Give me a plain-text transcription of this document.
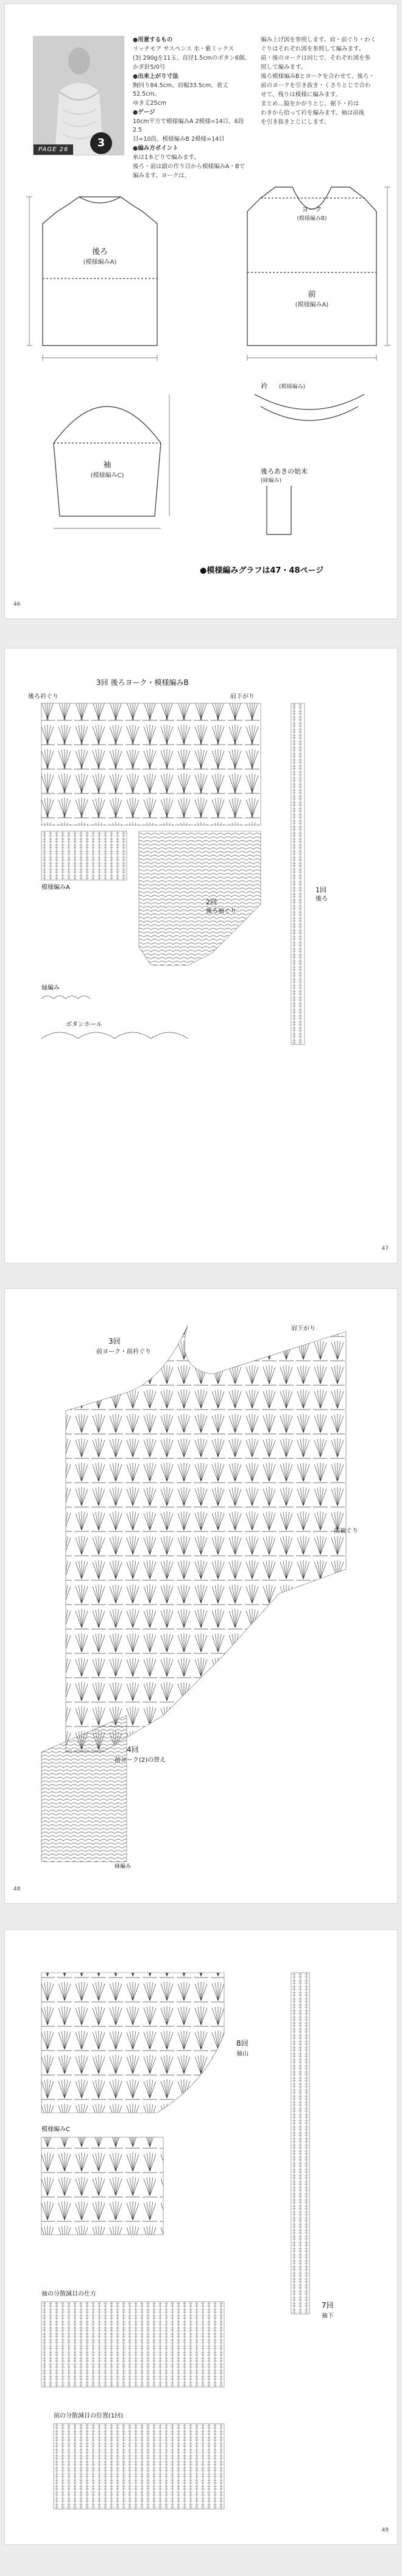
PAGE 26
3

●用意するもの

リッチモア サスペンス 水・紫ミックス

(3) 290gを11玉、直径1.5cmのボタン6個、

かぎ針5/0号

●出来上がり寸法

胸回り84.5cm、肩幅33.5cm、着丈52.5cm、

ゆき丈25cm

●ゲージ

10cm平方で模様編みA 2模様=14目、6段 2.5

目=10段、模様編みB 2模様=14目

●編み方ポイント

糸は1本どりで編みます。

後ろ・前は鎖の作り目から模様編みA・Bで

編みます。ヨークは、

編み上げ図を参照します。肩・前ぐり・わく

ぐりはそれぞれ図を参照して編みます。

前・後のヨークは同じで、それぞれ図を参

照して編みます。

後ろ模様編みBとヨークを合わせて、後ろ・

前のヨークを引き抜き・くさりとじで合わ

せて、残りは模様に編みます。

まとめ…脇をかがりとじ、裾下・衿は

わきから拾って衿を編みます。袖は前後

を引き抜きとじにします。

後ろ
(模様編みA)
ヨーク
(模様編みB)
前
(模様編みA)
袖
(模様編みC)
衿 (模様編み)
後ろあきの始末
(縁編み)
●模様編みグラフは47・48ページ
46
3回 後ろヨーク・模様編みB
後ろ衿ぐり	肩下がり
模様編みA	1回
後ろ
2回
後ろ袖ぐり
縁編み
ボタンホール
47
3回
前ヨーク・前衿ぐり
肩下がり
前袖ぐり
4回
前ヨーク(2)の替え
縁編み
48
8回
袖山
7回
袖下
模様編みC
袖の分散減目の仕方
前の分散減目の位置(1回)
49
